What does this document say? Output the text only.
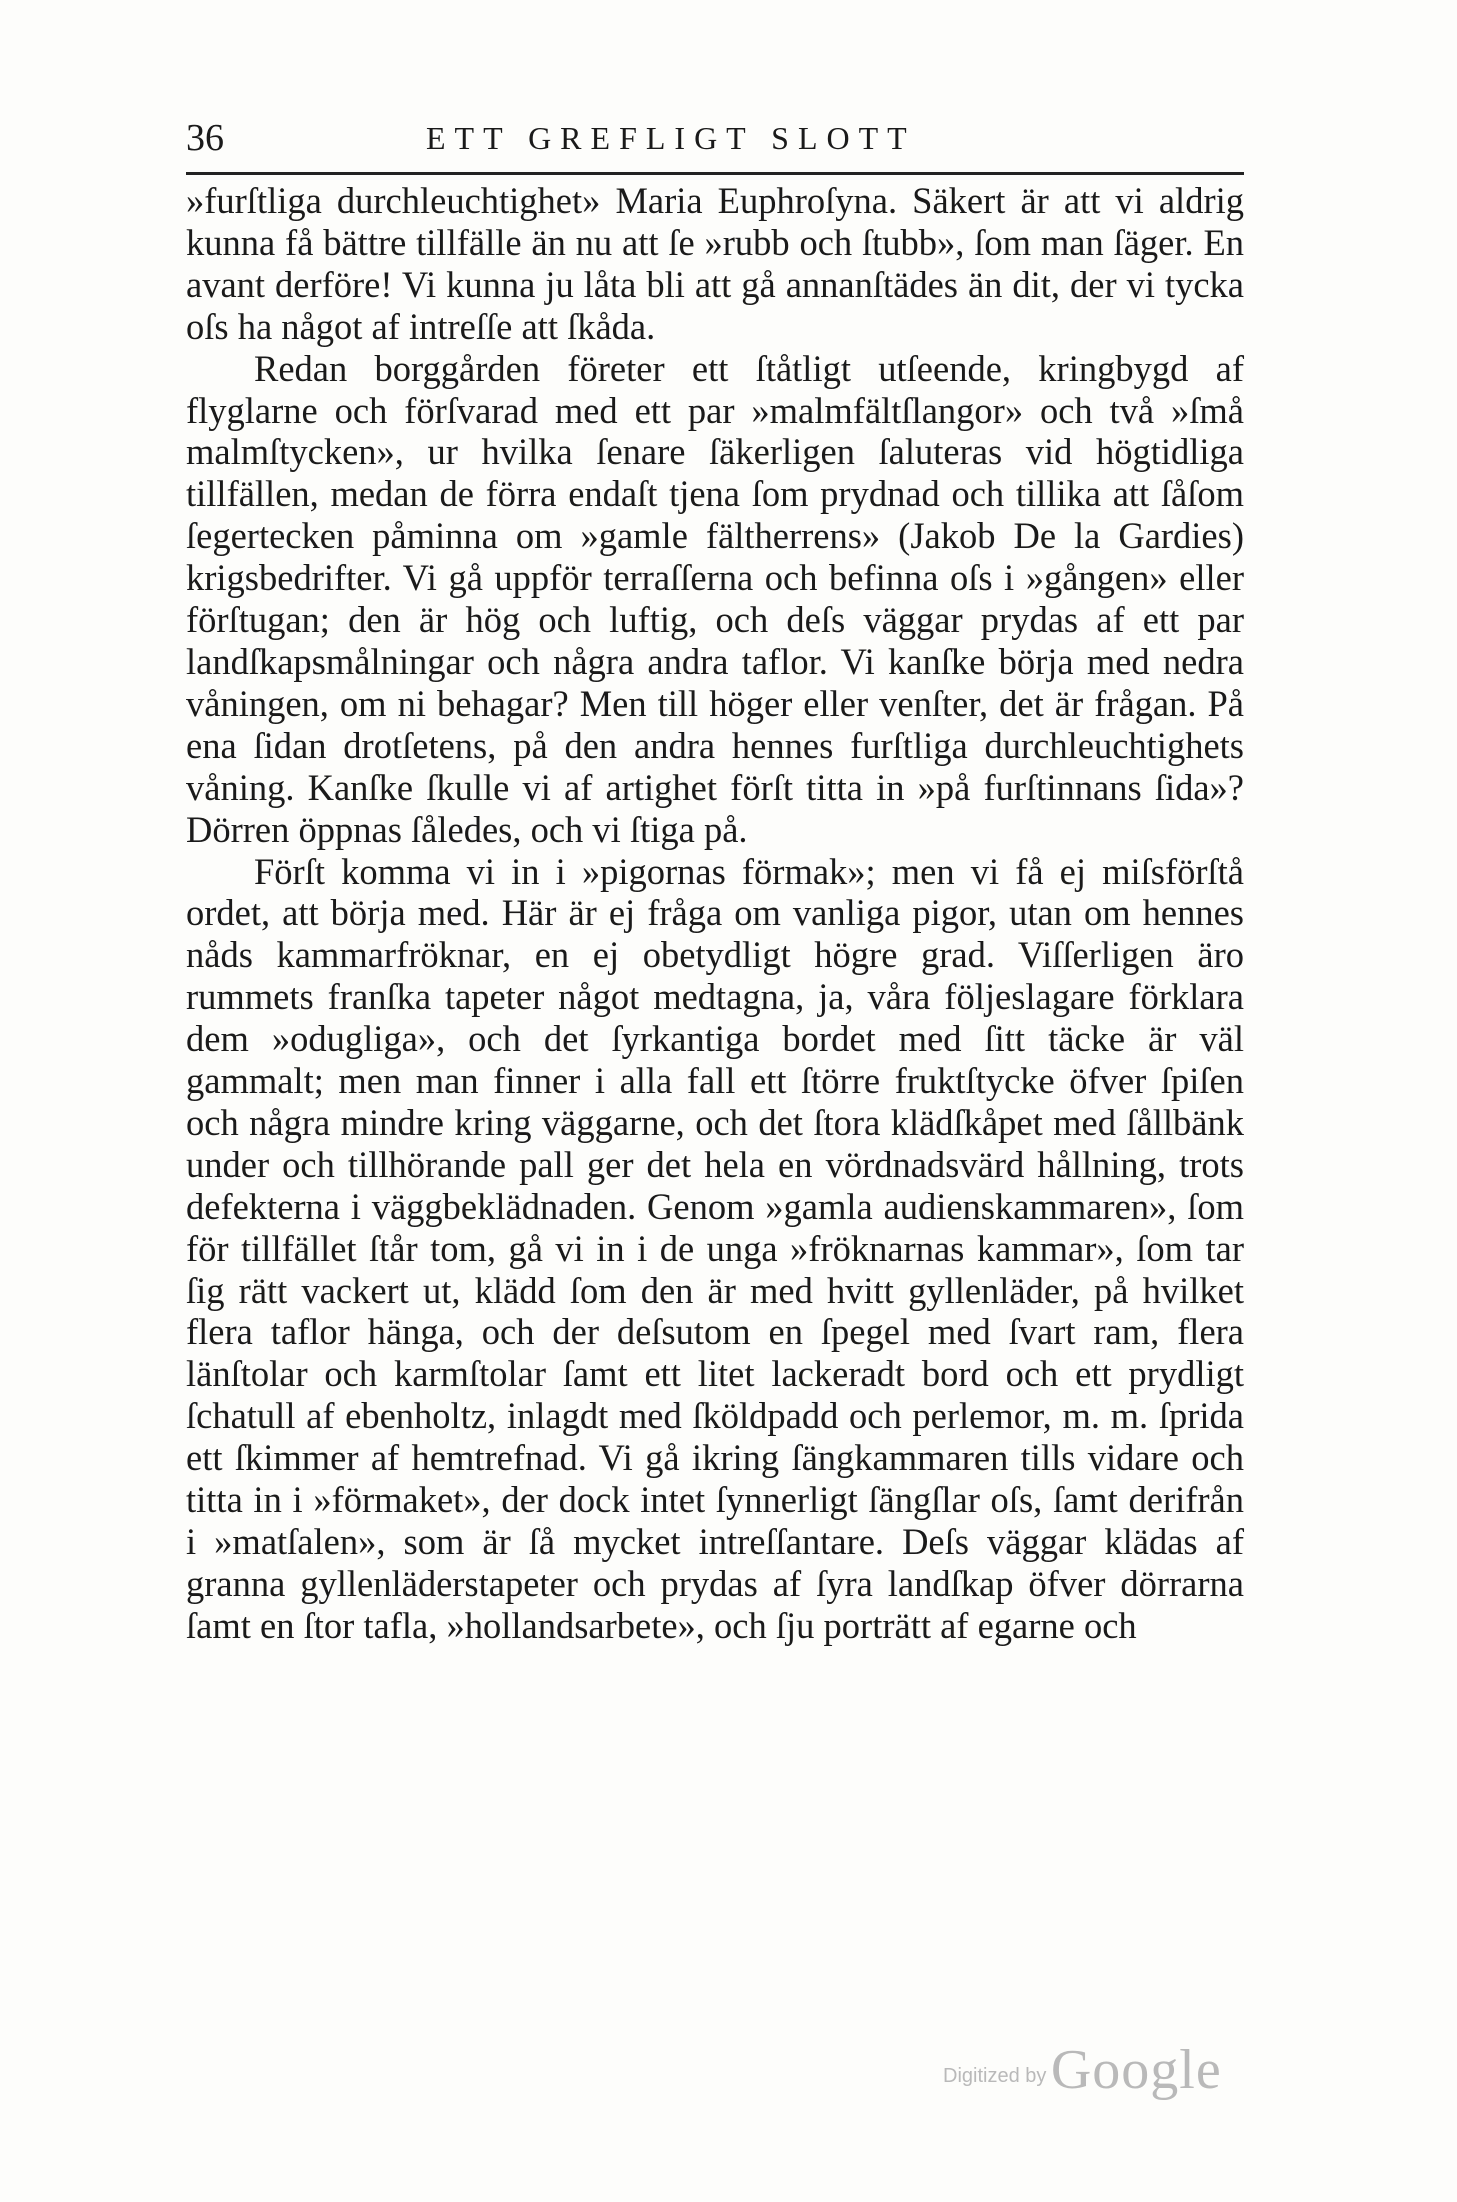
36	ETT GREFLIGT SLOTT

»furſtliga durchleuchtighet» Maria Euphroſyna. Säkert är att vi aldrig kunna få bättre tillfälle än nu att ſe »rubb och ſtubb», ſom man ſäger. En avant derföre! Vi kunna ju låta bli att gå annanſtädes än dit, der vi tycka oſs ha något af intreſſe att ſkåda.

Redan borggården företer ett ſtåtligt utſeende, kringbygd af flyglarne och förſvarad med ett par »malmfältſlangor» och två »ſmå malmſtycken», ur hvilka ſenare ſäkerligen ſaluteras vid högtidliga tillfällen, medan de förra endaſt tjena ſom prydnad och tillika att ſåſom ſegertecken påminna om »gamle fältherrens» (Jakob De la Gardies) krigsbedrifter. Vi gå uppför terraſſerna och befinna oſs i »gången» eller förſtugan; den är hög och luftig, och deſs väggar prydas af ett par landſkapsmålningar och några andra taflor. Vi kanſke börja med nedra våningen, om ni behagar? Men till höger eller venſter, det är frågan. På ena ſidan drotſetens, på den andra hennes furſtliga durchleuchtighets våning. Kanſke ſkulle vi af artighet förſt titta in »på furſtinnans ſida»? Dörren öppnas ſåledes, och vi ſtiga på.

Förſt komma vi in i »pigornas förmak»; men vi få ej miſsförſtå ordet, att börja med. Här är ej fråga om vanliga pigor, utan om hennes nåds kammarfröknar, en ej obetydligt högre grad. Viſſerligen äro rummets franſka tapeter något medtagna, ja, våra följeslagare förklara dem »odugliga», och det ſyrkantiga bordet med ſitt täcke är väl gammalt; men man finner i alla fall ett ſtörre fruktſtycke öfver ſpiſen och några mindre kring väggarne, och det ſtora klädſkåpet med ſållbänk under och tillhörande pall ger det hela en vördnadsvärd hållning, trots defekterna i väggbeklädnaden. Genom »gamla audienskammaren», ſom för tillfället ſtår tom, gå vi in i de unga »fröknarnas kammar», ſom tar ſig rätt vackert ut, klädd ſom den är med hvitt gyllenläder, på hvilket flera taflor hänga, och der deſsutom en ſpegel med ſvart ram, flera länſtolar och karmſtolar ſamt ett litet lackeradt bord och ett prydligt ſchatull af ebenholtz, inlagdt med ſköldpadd och perlemor, m. m. ſprida ett ſkimmer af hemtrefnad. Vi gå ikring ſängkammaren tills vidare och titta in i »förmaket», der dock intet ſynnerligt ſängſlar oſs, ſamt derifrån i »matſalen», som är ſå mycket intreſſantare. Deſs väggar klädas af granna gyllenläderstapeter och prydas af ſyra landſkap öfver dörrarna ſamt en ſtor tafla, »hollandsarbete», och ſju porträtt af egarne och

Digitized by Google
